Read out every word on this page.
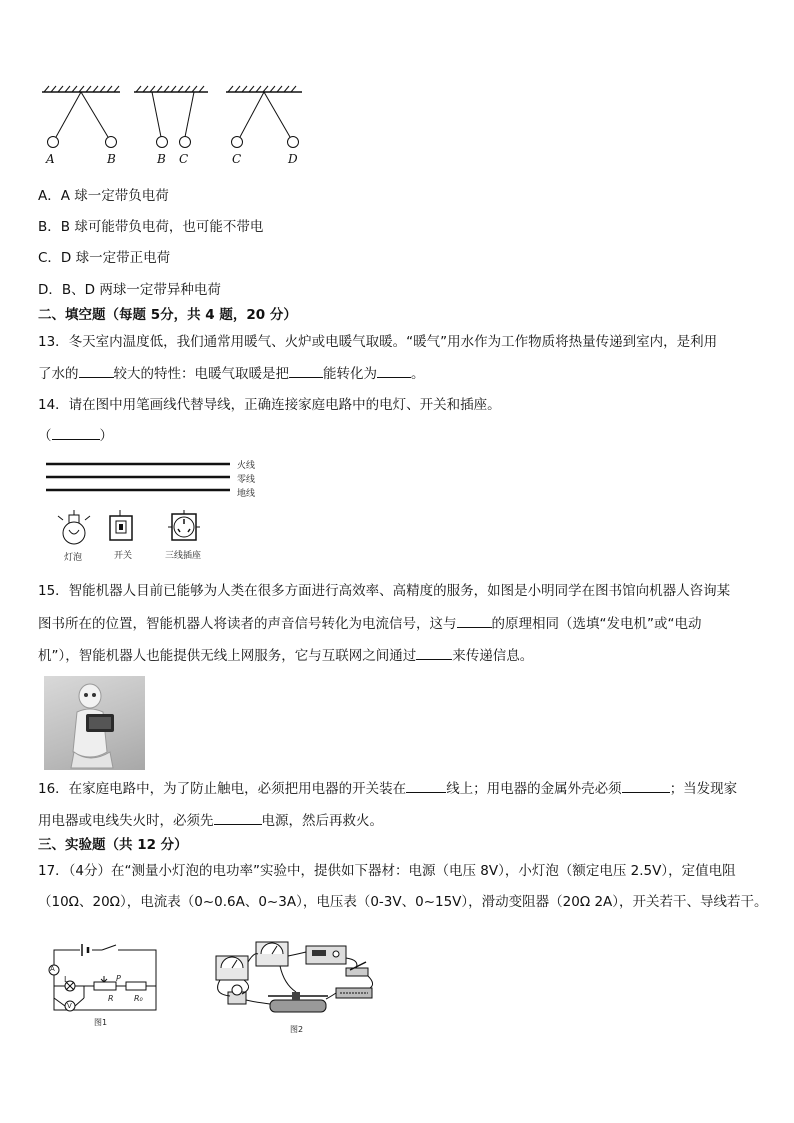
A	B	B C	C	D
A．A 球一定带负电荷
B．B 球可能带负电荷，也可能不带电
C．D 球一定带正电荷
D．B、D 两球一定带异种电荷
二、填空题（每题 5分，共 4 题，20 分）
13．冬天室内温度低，我们通常用暖气、火炉或电暖气取暖。“暖气”用水作为工作物质将热量传递到室内，是利用
了水的	较大的特性：电暖气取暖是把	能转化为	。
14．请在图中用笔画线代替导线，正确连接家庭电路中的电灯、开关和插座。
（	）
火线
零线
地线
灯泡	开关	三线插座
15．智能机器人目前已能够为人类在很多方面进行高效率、高精度的服务，如图是小明同学在图书馆向机器人咨询某
图书所在的位置，智能机器人将读者的声音信号转化为电流信号，这与	的原理相同（选填“发电机”或“电动
机”），智能机器人也能提供无线上网服务，它与互联网之间通过	来传递信息。
16．在家庭电路中，为了防止触电，必须把用电器的开关装在	线上；用电器的金属外壳必须	；当发现家
用电器或电线失火时，必须先	电源，然后再救火。
三、实验题（共 12 分）
17．（4分）在“测量小灯泡的电功率”实验中，提供如下器材：电源（电压 8V），小灯泡（额定电压 2.5V），定值电阻
（10Ω、20Ω），电流表（0~0.6A、0~3A），电压表（0-3V、0~15V），滑动变阻器（20Ω 2A），开关若干、导线若干。
A
L
V
P
R	R₀
图1
图2
